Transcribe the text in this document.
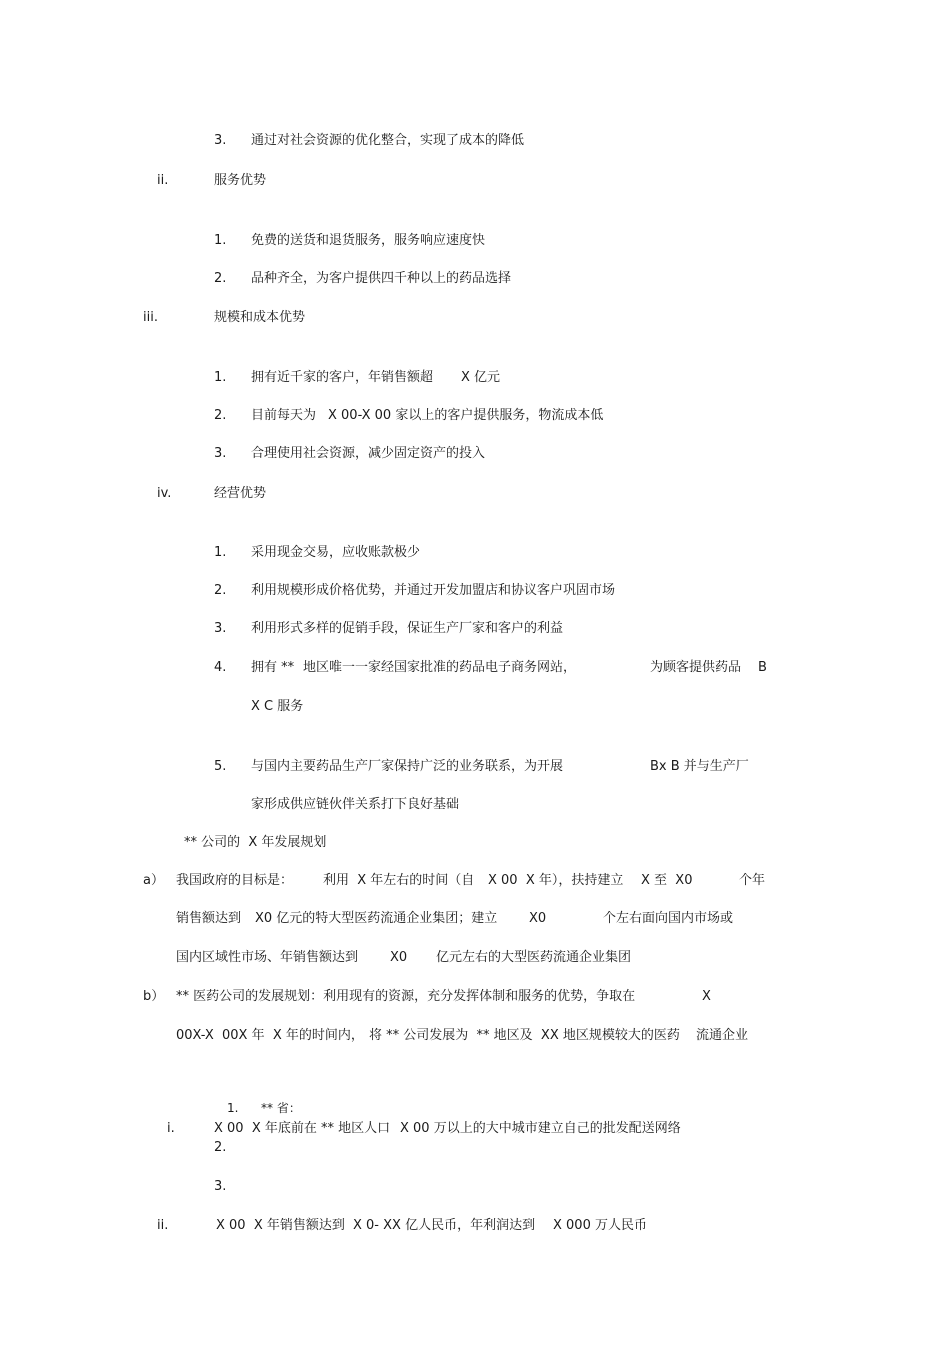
3. 通过对社会资源的优化整合，实现了成本的降低
ii.	服务优势
1. 免费的送货和退货服务，服务响应速度快
2. 品种齐全，为客户提供四千种以上的药品选择
iii.	规模和成本优势
1. 拥有近千家的客户，年销售额超 X 亿元
2. 目前每天为 X 00-X 00 家以上的客户提供服务，物流成本低
3. 合理使用社会资源，减少固定资产的投入
iv.	经营优势
1. 采用现金交易，应收账款极少
2. 利用规模形成价格优势，并通过开发加盟店和协议客户巩固市场
3. 利用形式多样的促销手段，保证生产厂家和客户的利益
4. 拥有 ** 地区唯一一家经国家批准的药品电子商务网站，	为顾客提供药品 B
X C 服务
5. 与国内主要药品生产厂家保持广泛的业务联系，为开展	Bx B 并与生产厂
家形成供应链伙伴关系打下良好基础
** 公司的  X 年发展规划
a） 我国政府的目标是： 利用  X 年左右的时间（自 X 00  X 年），扶持建立 X 至  X0	个年
销售额达到 X0 亿元的特大型医药流通企业集团；建立 X0	个左右面向国内市场或
国内区域性市场、年销售额达到 X0 亿元左右的大型医药流通企业集团
b） ** 医药公司的发展规划：利用现有的资源，充分发挥体制和服务的优势，争取在	X
00X-X  00X 年  X 年的时间内， 将 ** 公司发展为  ** 地区及  XX 地区规模较大的医药 流通企业
1. ** 省：
i.	X 00  X 年底前在 ** 地区人口 X 00 万以上的大中城市建立自己的批发配送网络
2.
3.
ii.	X 00  X 年销售额达到 X 0- XX 亿人民币，年利润达到 X 000 万人民币
